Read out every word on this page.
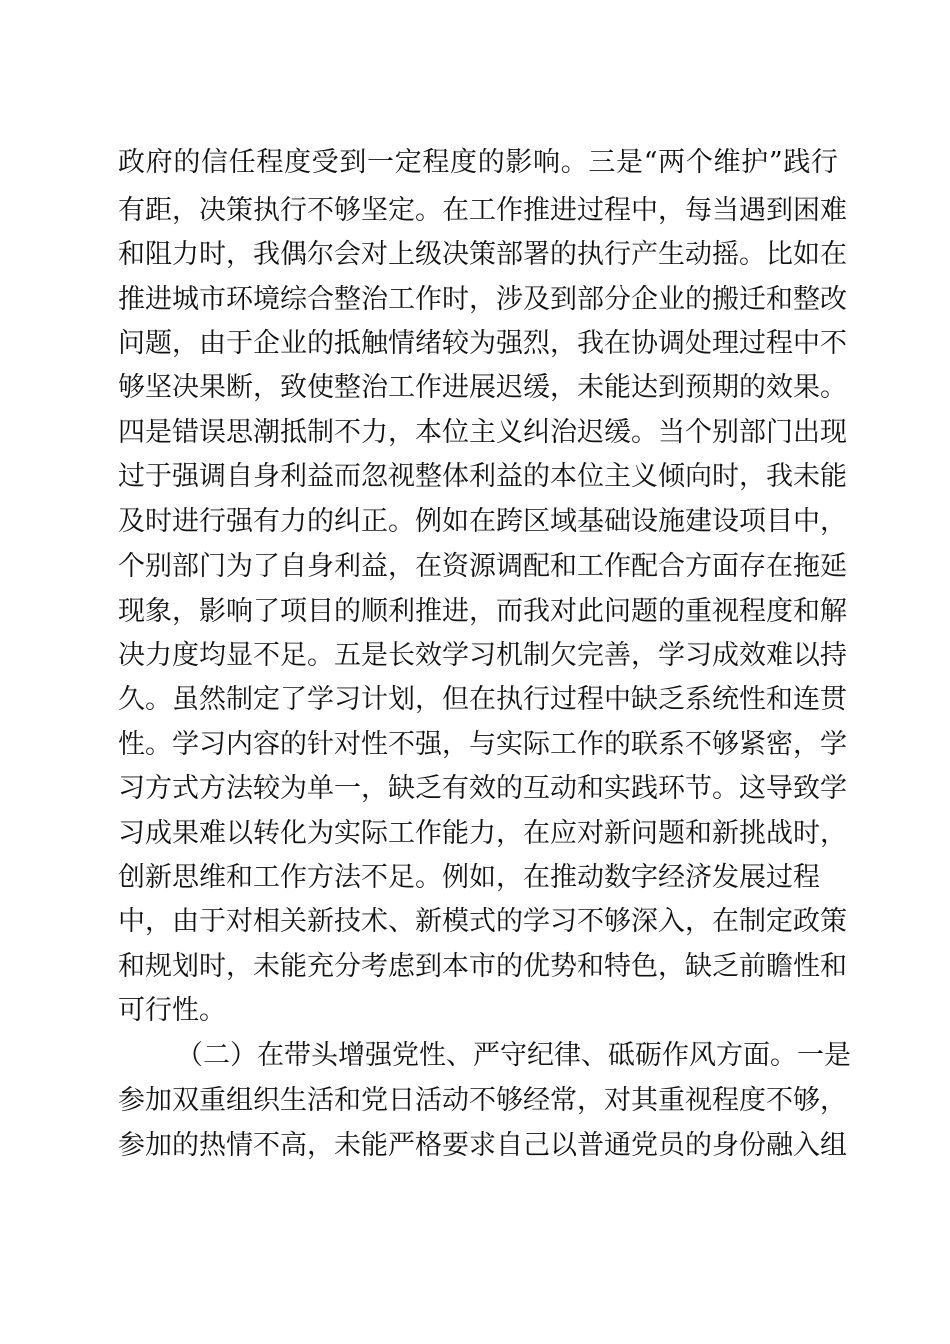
政府的信任程度受到一定程度的影响。三是“两个维护”践行
有距，决策执行不够坚定。在工作推进过程中，每当遇到困难
和阻力时，我偶尔会对上级决策部署的执行产生动摇。比如在
推进城市环境综合整治工作时，涉及到部分企业的搬迁和整改
问题，由于企业的抵触情绪较为强烈，我在协调处理过程中不
够坚决果断，致使整治工作进展迟缓，未能达到预期的效果。
四是错误思潮抵制不力，本位主义纠治迟缓。当个别部门出现
过于强调自身利益而忽视整体利益的本位主义倾向时，我未能
及时进行强有力的纠正。例如在跨区域基础设施建设项目中，
个别部门为了自身利益，在资源调配和工作配合方面存在拖延
现象，影响了项目的顺利推进，而我对此问题的重视程度和解
决力度均显不足。五是长效学习机制欠完善，学习成效难以持
久。虽然制定了学习计划，但在执行过程中缺乏系统性和连贯
性。学习内容的针对性不强，与实际工作的联系不够紧密，学
习方式方法较为单一，缺乏有效的互动和实践环节。这导致学
习成果难以转化为实际工作能力，在应对新问题和新挑战时，
创新思维和工作方法不足。例如，在推动数字经济发展过程
中，由于对相关新技术、新模式的学习不够深入，在制定政策
和规划时，未能充分考虑到本市的优势和特色，缺乏前瞻性和
可行性。
（二）在带头增强党性、严守纪律、砥砺作风方面。一是
参加双重组织生活和党日活动不够经常，对其重视程度不够，
参加的热情不高，未能严格要求自己以普通党员的身份融入组
